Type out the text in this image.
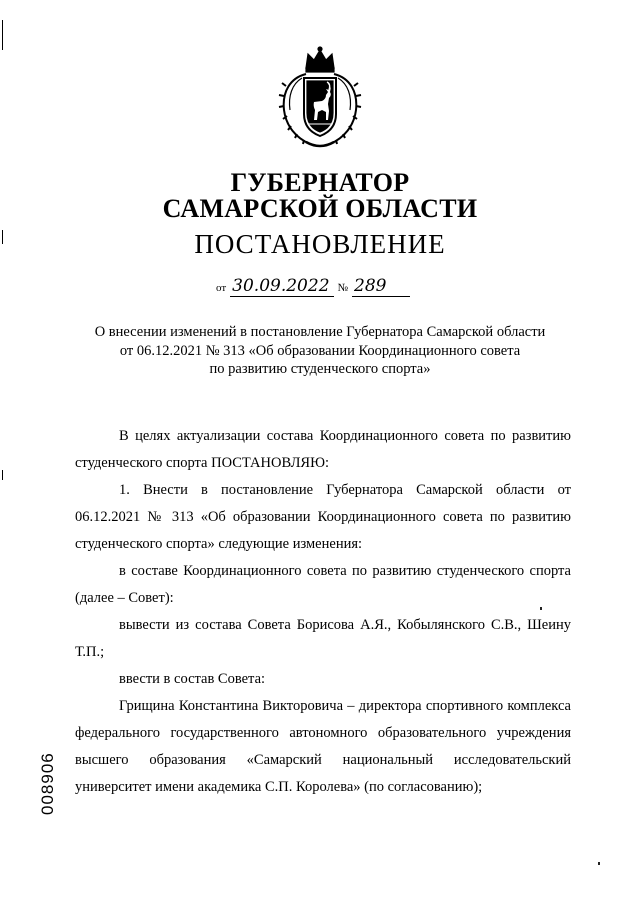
ГУБЕРНАТОР
САМАРСКОЙ ОБЛАСТИ
ПОСТАНОВЛЕНИЕ
от 30.09.2022 № 289
О внесении изменений в постановление Губернатора Самарской области
от 06.12.2021 № 313 «Об образовании Координационного совета
по развитию студенческого спорта»

В целях актуализации состава Координационного совета по развитию студенческого спорта ПОСТАНОВЛЯЮ:

1. Внести в постановление Губернатора Самарской области от 06.12.2021 № 313 «Об образовании Координационного совета по развитию студенческого спорта» следующие изменения:

в составе Координационного совета по развитию студенческого спорта (далее – Совет):

вывести из состава Совета Борисова А.Я., Кобылянского С.В., Шеину Т.П.;

ввести в состав Совета:

Грищина Константина Викторовича – директора спортивного комплекса федерального государственного автономного образовательного учреждения высшего образования «Самарский национальный исследовательский университет имени академика С.П. Королева» (по согласованию);

008906
